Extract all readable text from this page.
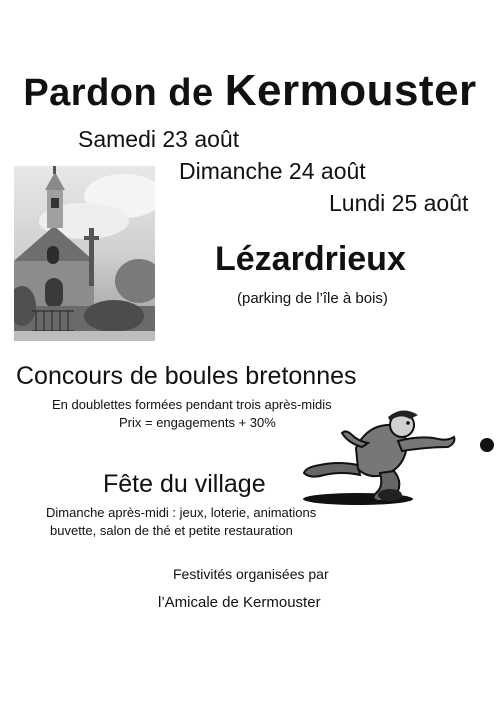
Pardon de Kermouster
Samedi 23 août
Dimanche 24 août
Lundi 25 août
Lézardrieux
(parking de l’île à bois)
Concours de boules bretonnes
En doublettes formées pendant trois après-midis
Prix = engagements + 30%
Fête du village
Dimanche après-midi : jeux, loterie, animations
buvette, salon de thé et petite restauration
Festivités organisées par
l’Amicale de Kermouster
